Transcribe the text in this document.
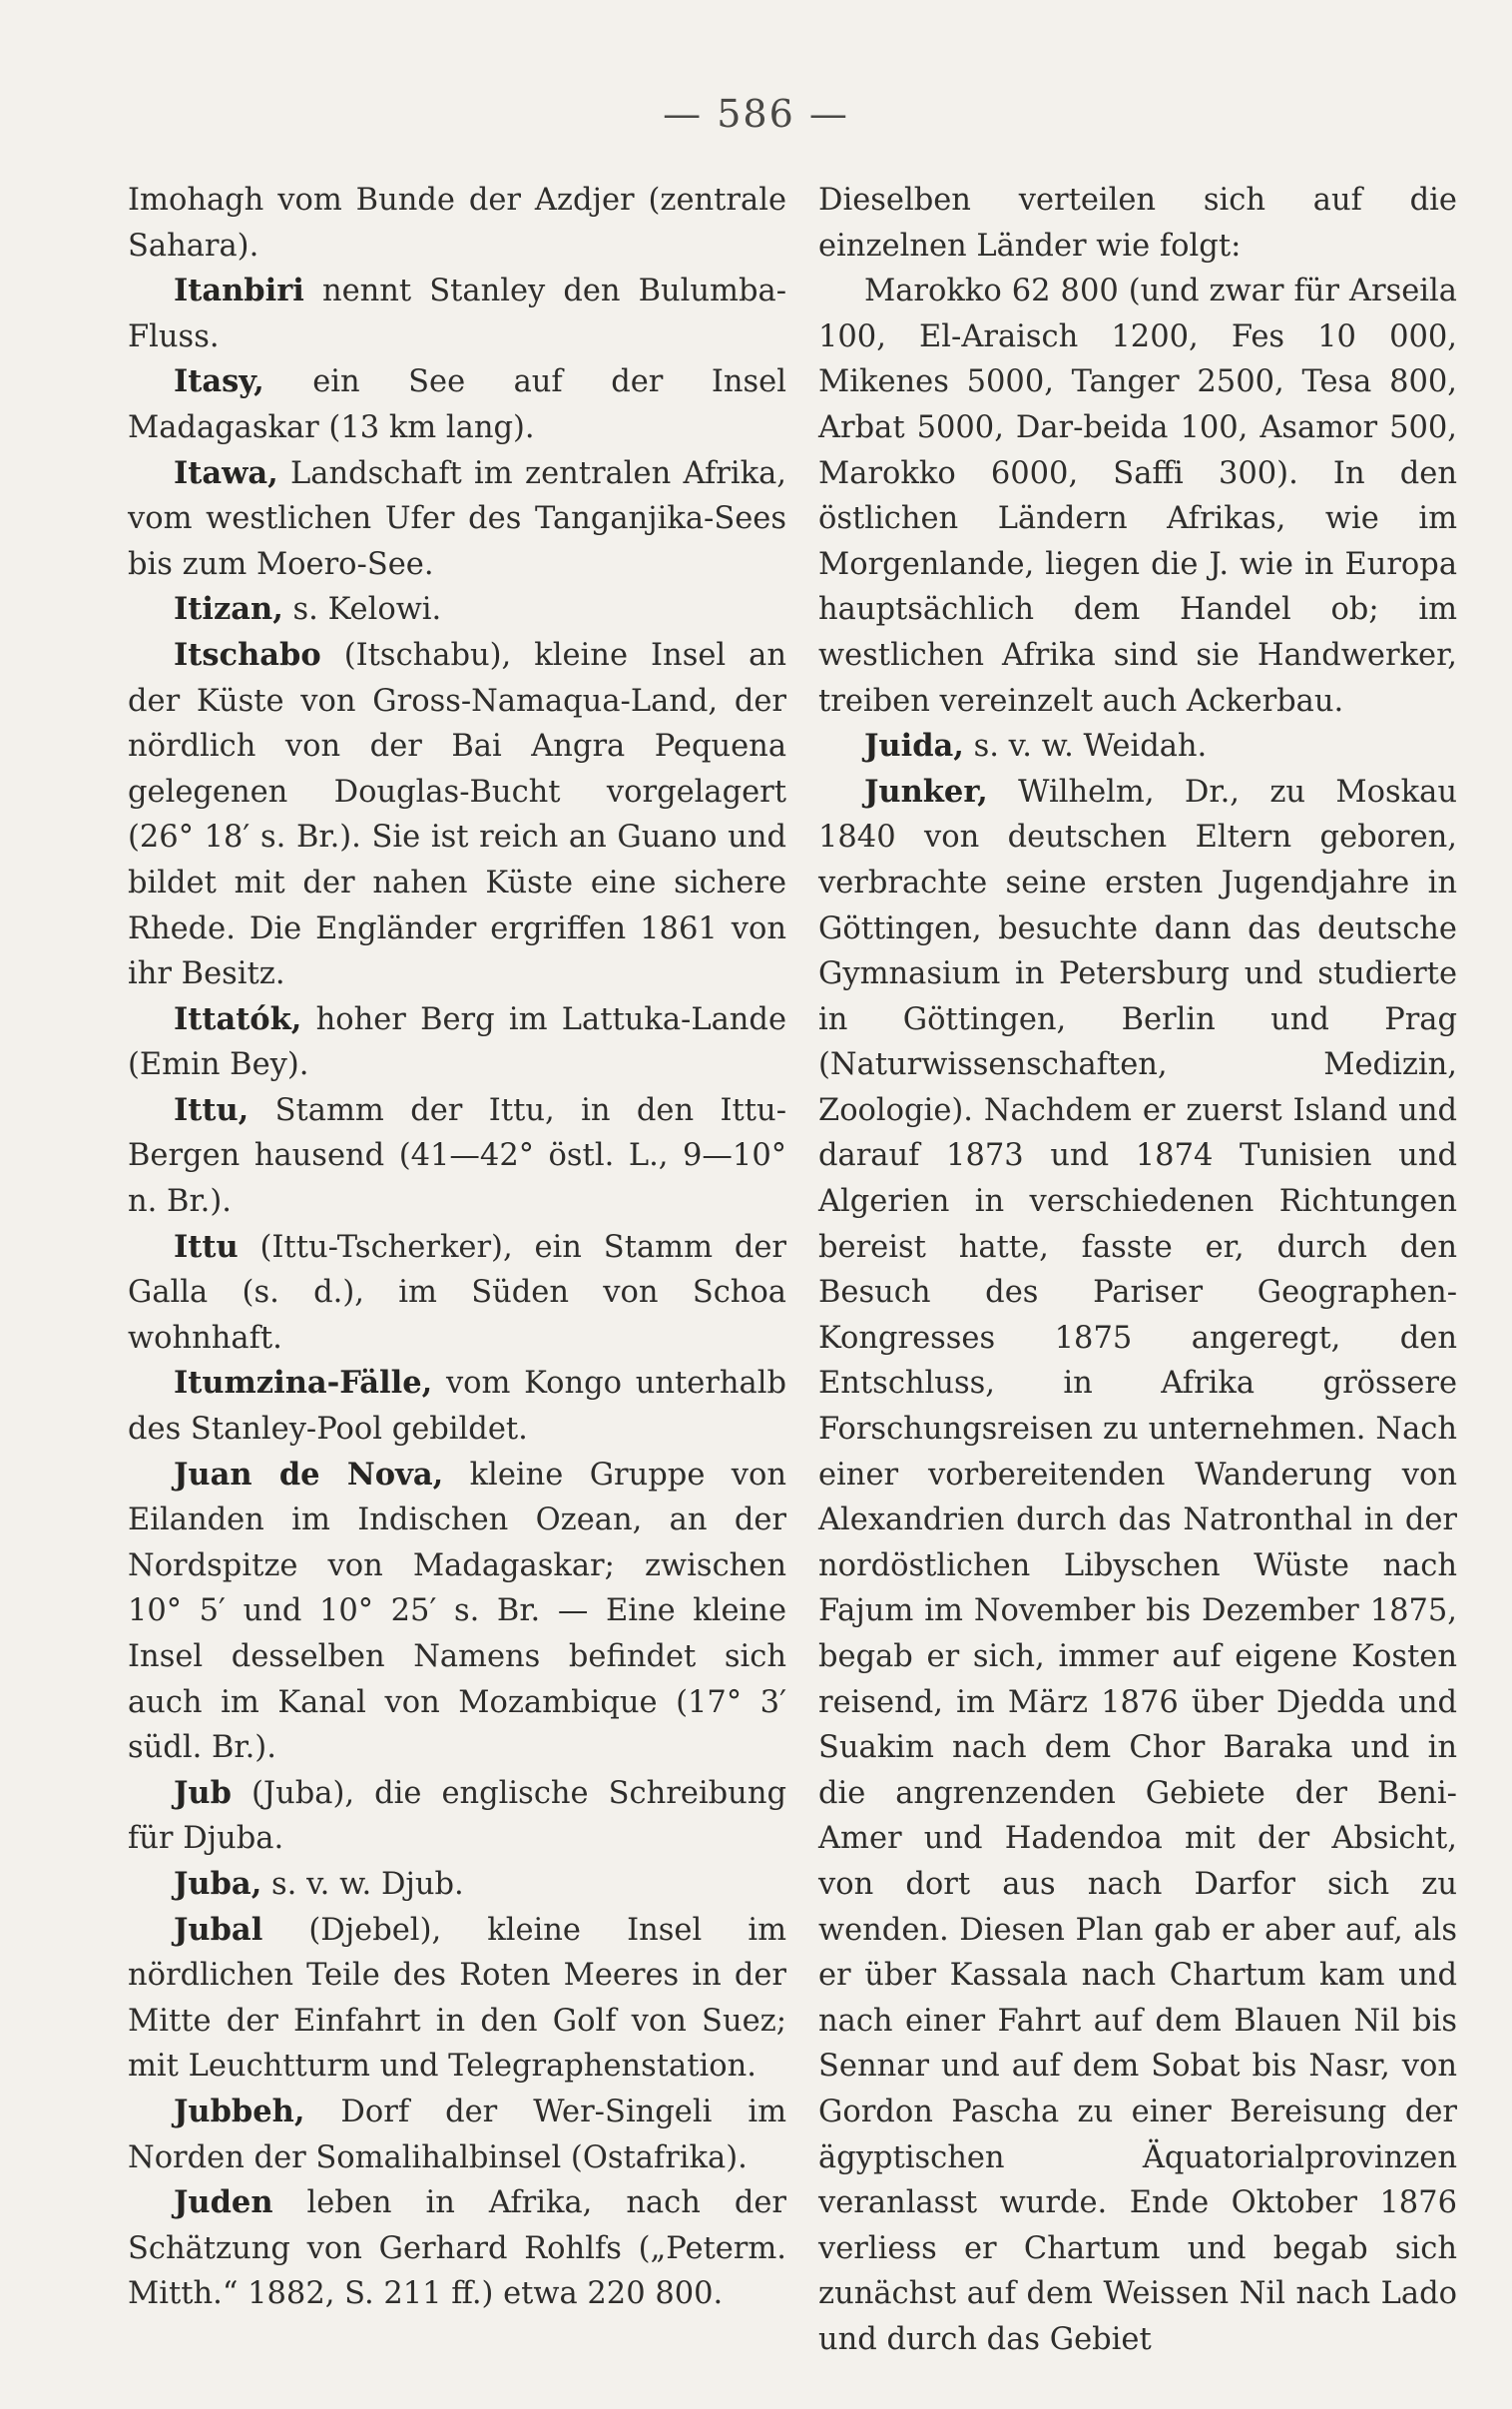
— 586 —

Imohagh vom Bunde der Azdjer (zentrale Sahara).

Itanbiri nennt Stanley den Bulumba-Fluss.

Itasy, ein See auf der Insel Madagaskar (13 km lang).

Itawa, Landschaft im zentralen Afrika, vom westlichen Ufer des Tanganjika-Sees bis zum Moero-See.

Itizan, s. Kelowi.

Itschabo (Itschabu), kleine Insel an der Küste von Gross-Namaqua-Land, der nördlich von der Bai Angra Pequena gelegenen Douglas-Bucht vorgelagert (26° 18′ s. Br.). Sie ist reich an Guano und bildet mit der nahen Küste eine sichere Rhede. Die Engländer ergriffen 1861 von ihr Besitz.

Ittatók, hoher Berg im Lattuka-Lande (Emin Bey).

Ittu, Stamm der Ittu, in den Ittu-Bergen hausend (41—42° östl. L., 9—10° n. Br.).

Ittu (Ittu-Tscherker), ein Stamm der Galla (s. d.), im Süden von Schoa wohnhaft.

Itumzina-Fälle, vom Kongo unterhalb des Stanley-Pool gebildet.

Juan de Nova, kleine Gruppe von Eilanden im Indischen Ozean, an der Nordspitze von Madagaskar; zwischen 10° 5′ und 10° 25′ s. Br. — Eine kleine Insel desselben Namens befindet sich auch im Kanal von Mozambique (17° 3′ südl. Br.).

Jub (Juba), die englische Schreibung für Djuba.

Juba, s. v. w. Djub.

Jubal (Djebel), kleine Insel im nördlichen Teile des Roten Meeres in der Mitte der Einfahrt in den Golf von Suez; mit Leuchtturm und Telegraphenstation.

Jubbeh, Dorf der Wer-Singeli im Norden der Somalihalbinsel (Ostafrika).

Juden leben in Afrika, nach der Schätzung von Gerhard Rohlfs („Peterm. Mitth.“ 1882, S. 211 ff.) etwa 220 800.

Dieselben verteilen sich auf die einzelnen Länder wie folgt:

Marokko 62 800 (und zwar für Arseila 100, El-Araisch 1200, Fes 10 000, Mikenes 5000, Tanger 2500, Tesa 800, Arbat 5000, Dar-beida 100, Asamor 500, Marokko 6000, Saffi 300). In den östlichen Ländern Afrikas, wie im Morgenlande, liegen die J. wie in Europa hauptsächlich dem Handel ob; im westlichen Afrika sind sie Handwerker, treiben vereinzelt auch Ackerbau.

Juida, s. v. w. Weidah.

Junker, Wilhelm, Dr., zu Moskau 1840 von deutschen Eltern geboren, verbrachte seine ersten Jugendjahre in Göttingen, besuchte dann das deutsche Gymnasium in Petersburg und studierte in Göttingen, Berlin und Prag (Naturwissenschaften, Medizin, Zoologie). Nachdem er zuerst Island und darauf 1873 und 1874 Tunisien und Algerien in verschiedenen Richtungen bereist hatte, fasste er, durch den Besuch des Pariser Geographen-Kongresses 1875 angeregt, den Entschluss, in Afrika grössere Forschungsreisen zu unternehmen. Nach einer vorbereitenden Wanderung von Alexandrien durch das Natronthal in der nordöstlichen Libyschen Wüste nach Fajum im November bis Dezember 1875, begab er sich, immer auf eigene Kosten reisend, im März 1876 über Djedda und Suakim nach dem Chor Baraka und in die angrenzenden Gebiete der Beni-Amer und Hadendoa mit der Absicht, von dort aus nach Darfor sich zu wenden. Diesen Plan gab er aber auf, als er über Kassala nach Chartum kam und nach einer Fahrt auf dem Blauen Nil bis Sennar und auf dem Sobat bis Nasr, von Gordon Pascha zu einer Bereisung der ägyptischen Äquatorialprovinzen veranlasst wurde. Ende Oktober 1876 verliess er Chartum und begab sich zunächst auf dem Weissen Nil nach Lado und durch das Gebiet
